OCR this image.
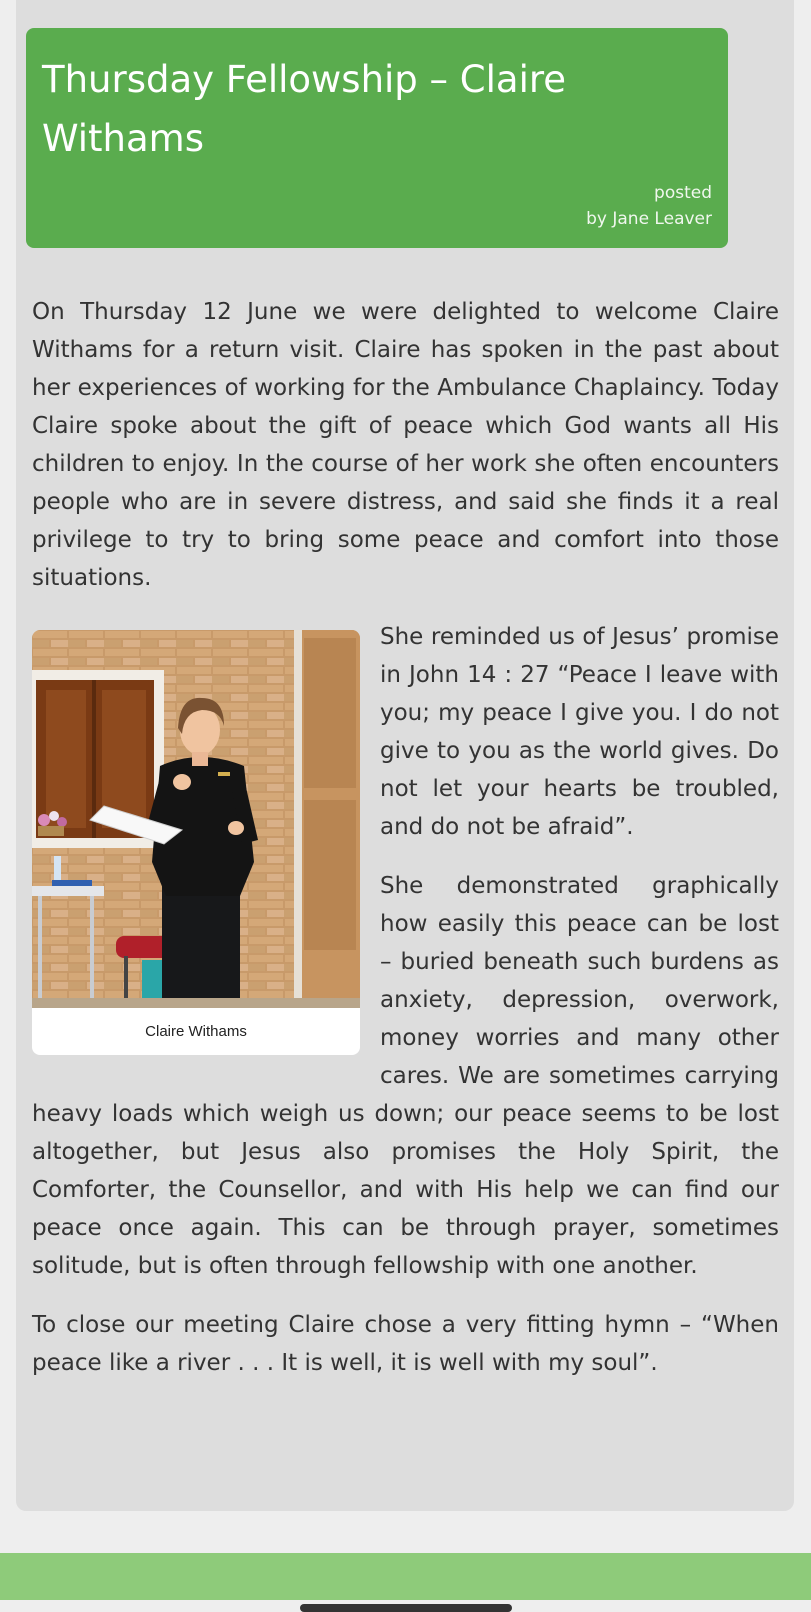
Thursday Fellowship – Claire Withams
posted
by Jane Leaver

On Thursday 12 June we were delighted to welcome Claire Withams for a return visit. Claire has spoken in the past about her experiences of working for the Ambulance Chaplaincy. Today Claire spoke about the gift of peace which God wants all His children to enjoy. In the course of her work she often encounters people who are in severe distress, and said she finds it a real privilege to try to bring some peace and comfort into those situations.

Claire Withams

She reminded us of Jesus’ promise in John 14 : 27 “Peace I leave with you; my peace I give you. I do not give to you as the world gives. Do not let your hearts be troubled, and do not be afraid”.

She demonstrated graphically how easily this peace can be lost – buried beneath such burdens as anxiety, depression, overwork, money worries and many other cares. We are sometimes carrying heavy loads which weigh us down; our peace seems to be lost altogether, but Jesus also promises the Holy Spirit, the Comforter, the Counsellor, and with His help we can find our peace once again. This can be through prayer, sometimes solitude, but is often through fellowship with one another.

To close our meeting Claire chose a very fitting hymn – “When peace like a river . . . It is well, it is well with my soul”.
